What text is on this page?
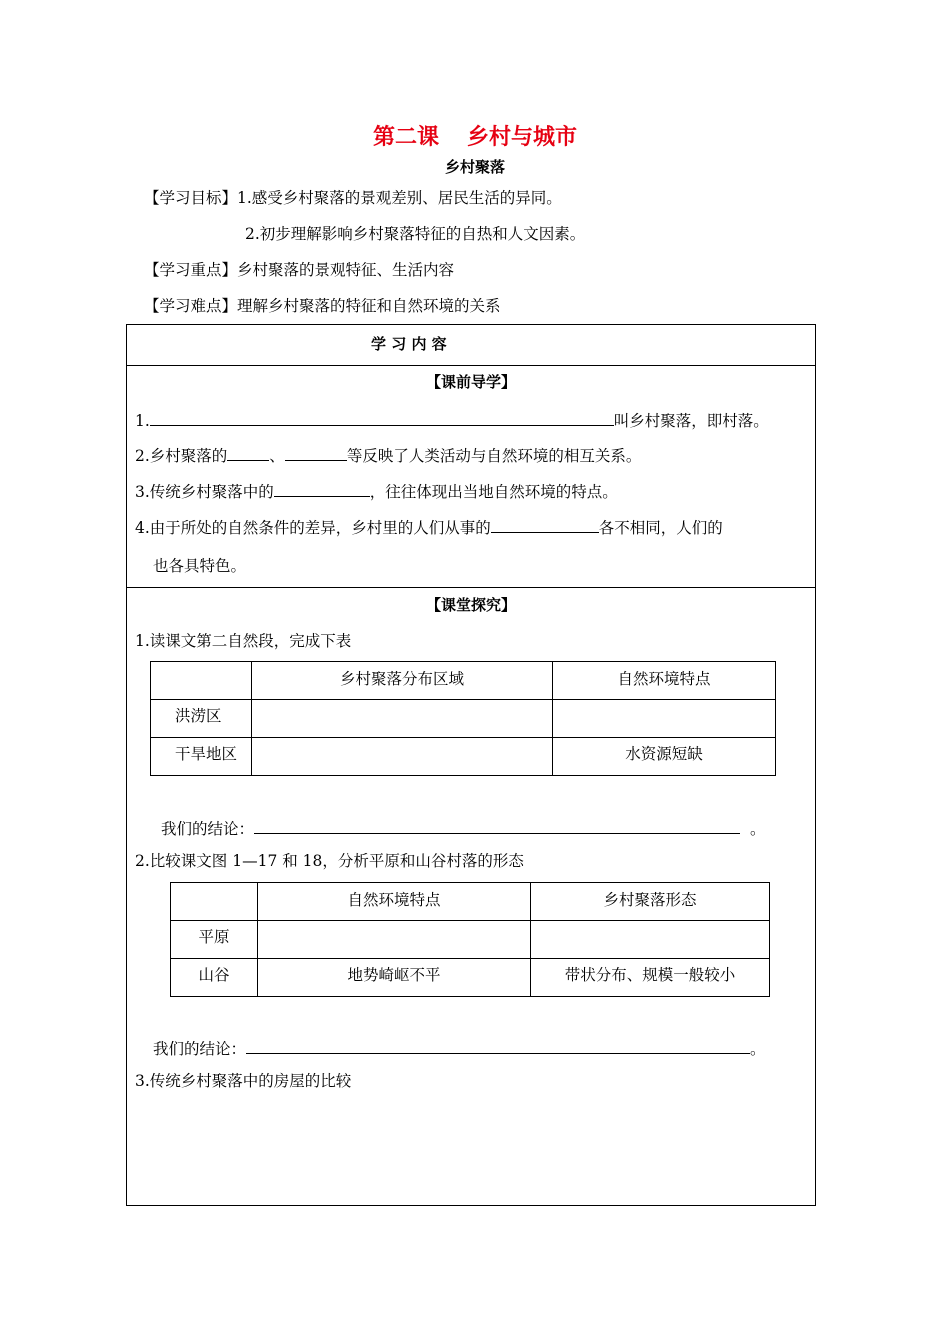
第二课 乡村与城市
乡村聚落
【学习目标】1.感受乡村聚落的景观差别、居民生活的异同。
2.初步理解影响乡村聚落特征的自热和人文因素。
【学习重点】乡村聚落的景观特征、生活内容
【学习难点】理解乡村聚落的特征和自然环境的关系
学 习 内 容
【课前导学】
1.	叫乡村聚落，即村落。
2.乡村聚落的	、	等反映了人类活动与自然环境的相互关系。
3.传统乡村聚落中的	，往往体现出当地自然环境的特点。
4.由于所处的自然条件的差异，乡村里的人们从事的	各不相同，人们的
也各具特色。
【课堂探究】
1.读课文第二自然段，完成下表
	乡村聚落分布区域	自然环境特点
洪涝区		
干旱地区		水资源短缺
我们的结论：	。
2.比较课文图 1—17 和 18，分析平原和山谷村落的形态
	自然环境特点	乡村聚落形态
平原		
山谷	地势崎岖不平	带状分布、规模一般较小
我们的结论：	。
3.传统乡村聚落中的房屋的比较
